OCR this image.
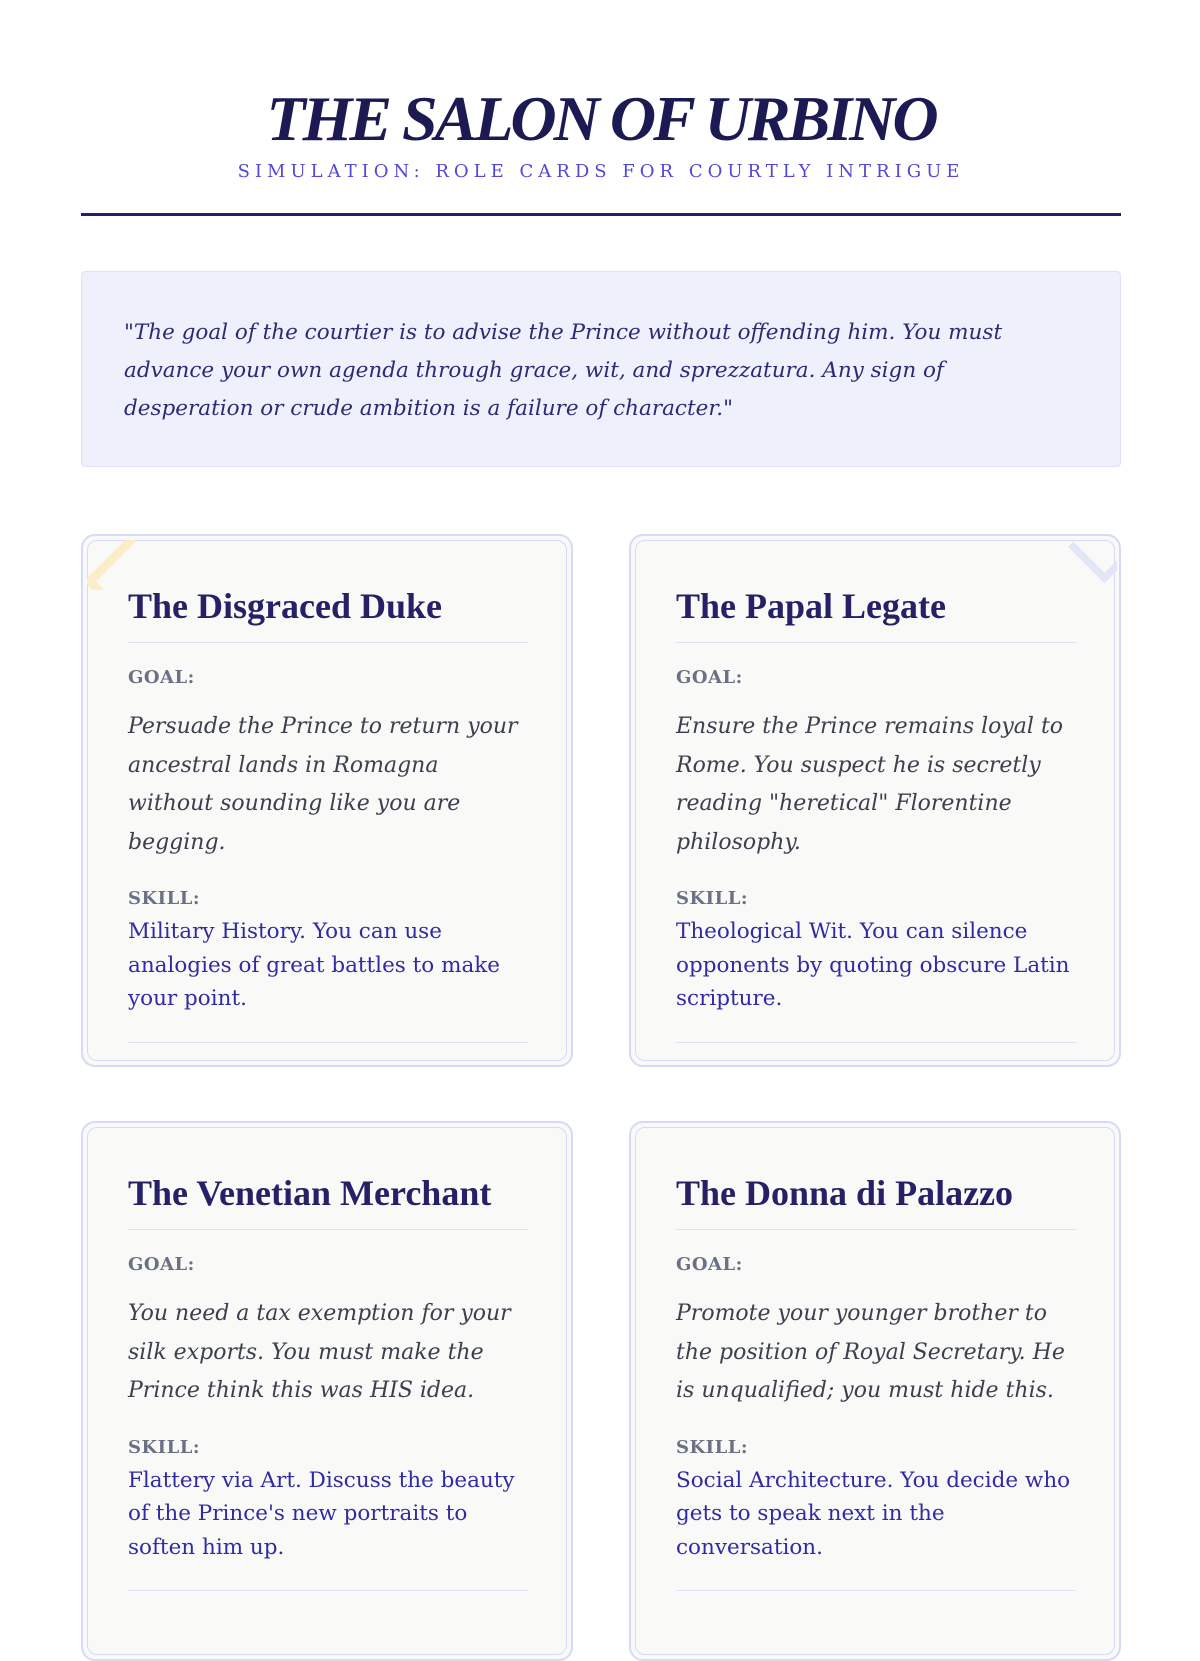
THE SALON OF URBINO
SIMULATION: ROLE CARDS FOR COURTLY INTRIGUE
"The goal of the courtier is to advise the Prince without offending him. You must advance your own agenda through grace, wit, and sprezzatura. Any sign of desperation or crude ambition is a failure of character."
The Disgraced Duke
GOAL:
Persuade the Prince to return your ancestral lands in Romagna without sounding like you are begging.
SKILL:
Military History. You can use analogies of great battles to make your point.
The Papal Legate
GOAL:
Ensure the Prince remains loyal to Rome. You suspect he is secretly reading "heretical" Florentine philosophy.
SKILL:
Theological Wit. You can silence opponents by quoting obscure Latin scripture.
The Venetian Merchant
GOAL:
You need a tax exemption for your silk exports. You must make the Prince think this was HIS idea.
SKILL:
Flattery via Art. Discuss the beauty of the Prince's new portraits to soften him up.
The Donna di Palazzo
GOAL:
Promote your younger brother to the position of Royal Secretary. He is unqualified; you must hide this.
SKILL:
Social Architecture. You decide who gets to speak next in the conversation.
